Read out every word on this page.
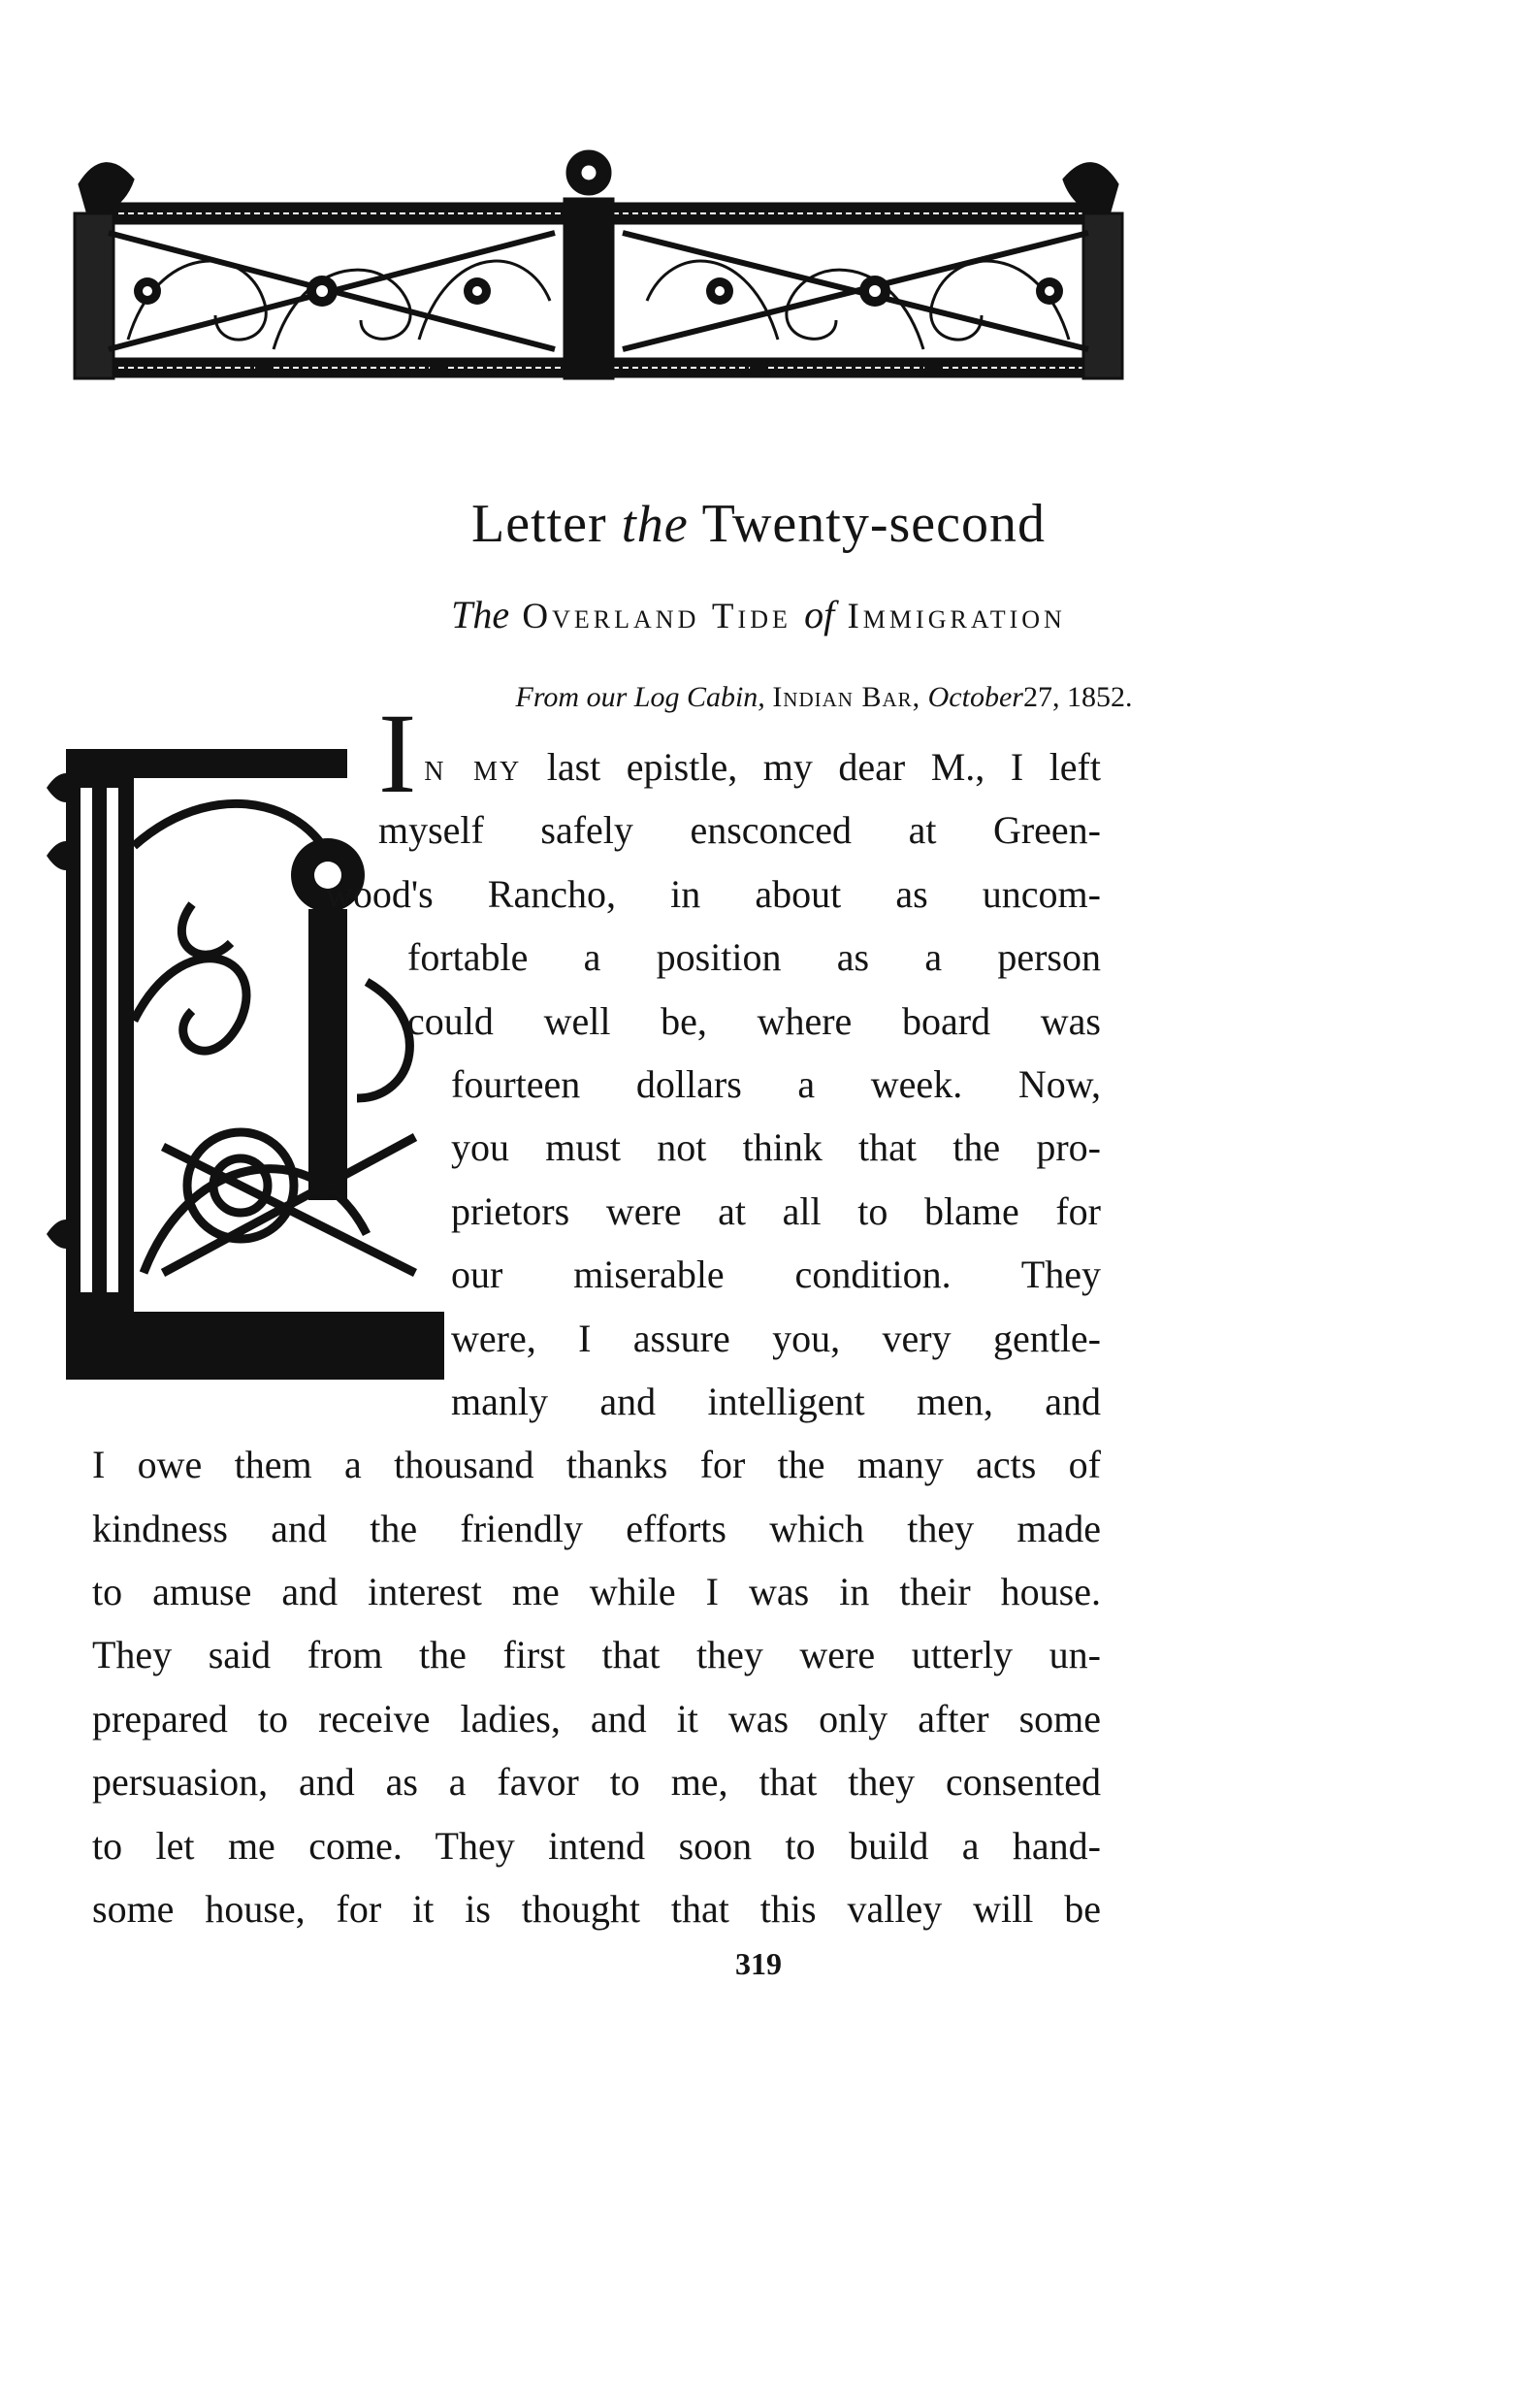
Letter the Twenty-second
The Overland Tide of Immigration
From our Log Cabin, Indian Bar, October27, 1852.
In my last epistle, my dear M., I left
myself safely ensconced at Green-
wood's Rancho, in about as uncom-
fortable a position as a person
could well be, where board was
fourteen dollars a week. Now,
you must not think that the pro-
prietors were at all to blame for
our miserable condition. They
were, I assure you, very gentle-
manly and intelligent men, and
I owe them a thousand thanks for the many acts of
kindness and the friendly efforts which they made
to amuse and interest me while I was in their house.
They said from the first that they were utterly un-
prepared to receive ladies, and it was only after some
persuasion, and as a favor to me, that they consented
to let me come. They intend soon to build a hand-
some house, for it is thought that this valley will be
319
